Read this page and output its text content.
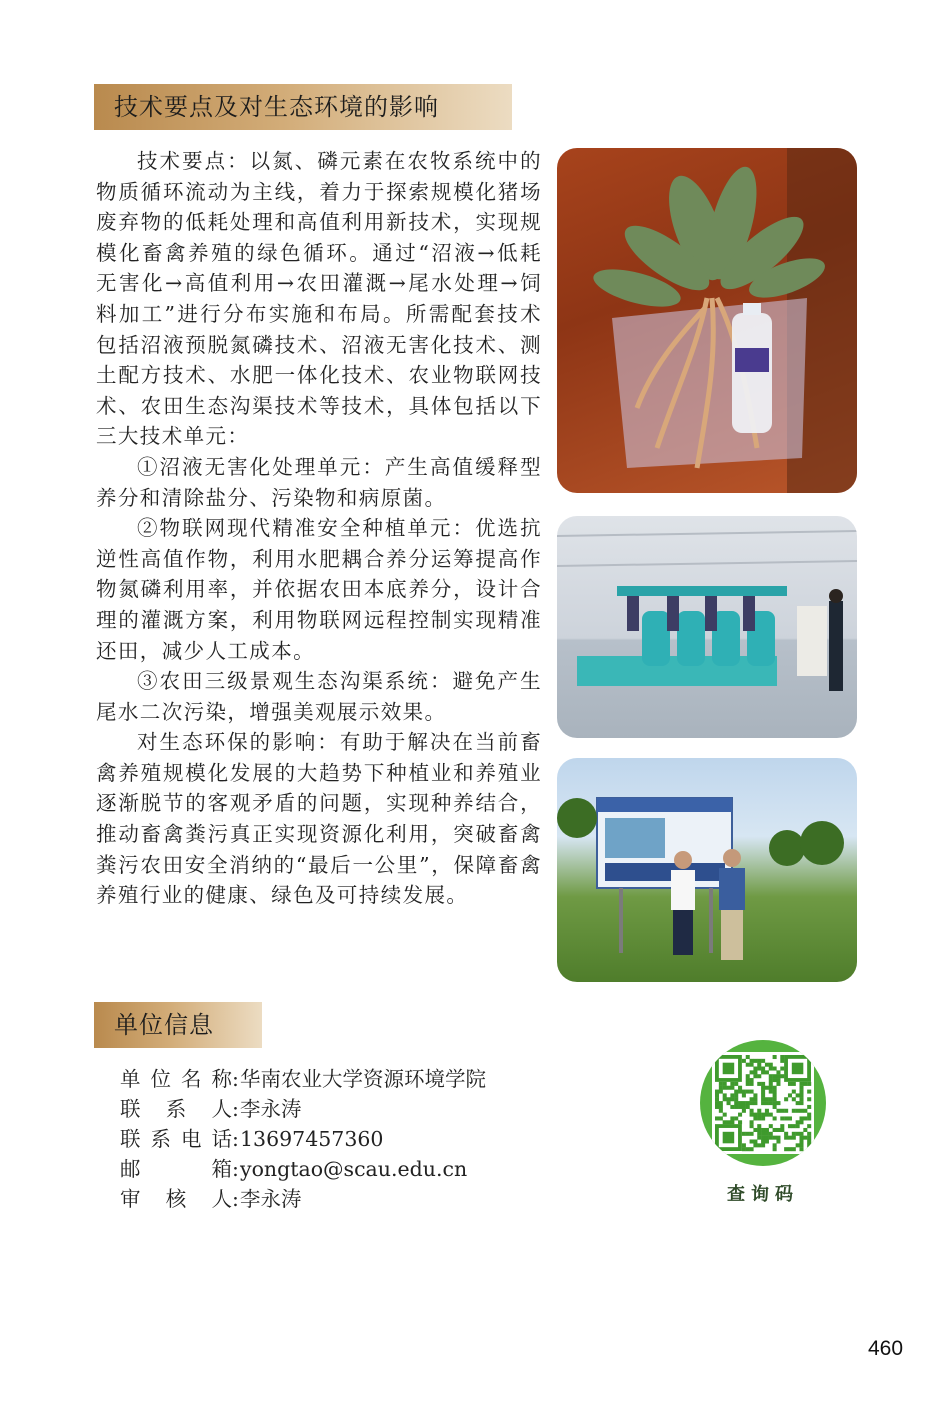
技术要点及对生态环境的影响

技术要点：以氮、磷元素在农牧系统中的物质循环流动为主线，着力于探索规模化猪场废弃物的低耗处理和高值利用新技术，实现规模化畜禽养殖的绿色循环。通过“沼液→低耗无害化→高值利用→农田灌溉→尾水处理→饲料加工”进行分布实施和布局。所需配套技术包括沼液预脱氮磷技术、沼液无害化技术、测土配方技术、水肥一体化技术、农业物联网技术、农田生态沟渠技术等技术，具体包括以下三大技术单元：

①沼液无害化处理单元：产生高值缓释型养分和清除盐分、污染物和病原菌。

②物联网现代精准安全种植单元：优选抗逆性高值作物，利用水肥耦合养分运筹提高作物氮磷利用率，并依据农田本底养分，设计合理的灌溉方案，利用物联网远程控制实现精准还田，减少人工成本。

③农田三级景观生态沟渠系统：避免产生尾水二次污染，增强美观展示效果。

对生态环保的影响：有助于解决在当前畜禽养殖规模化发展的大趋势下种植业和养殖业逐渐脱节的客观矛盾的问题，实现种养结合，推动畜禽粪污真正实现资源化利用，突破畜禽粪污农田安全消纳的“最后一公里”，保障畜禽养殖行业的健康、绿色及可持续发展。

单位信息
单位名称 : 华南农业大学资源环境学院
联系人 : 李永涛
联系电话 : 13697457360
邮箱 : yongtao@scau.edu.cn
审核人 : 李永涛	查询码
460
